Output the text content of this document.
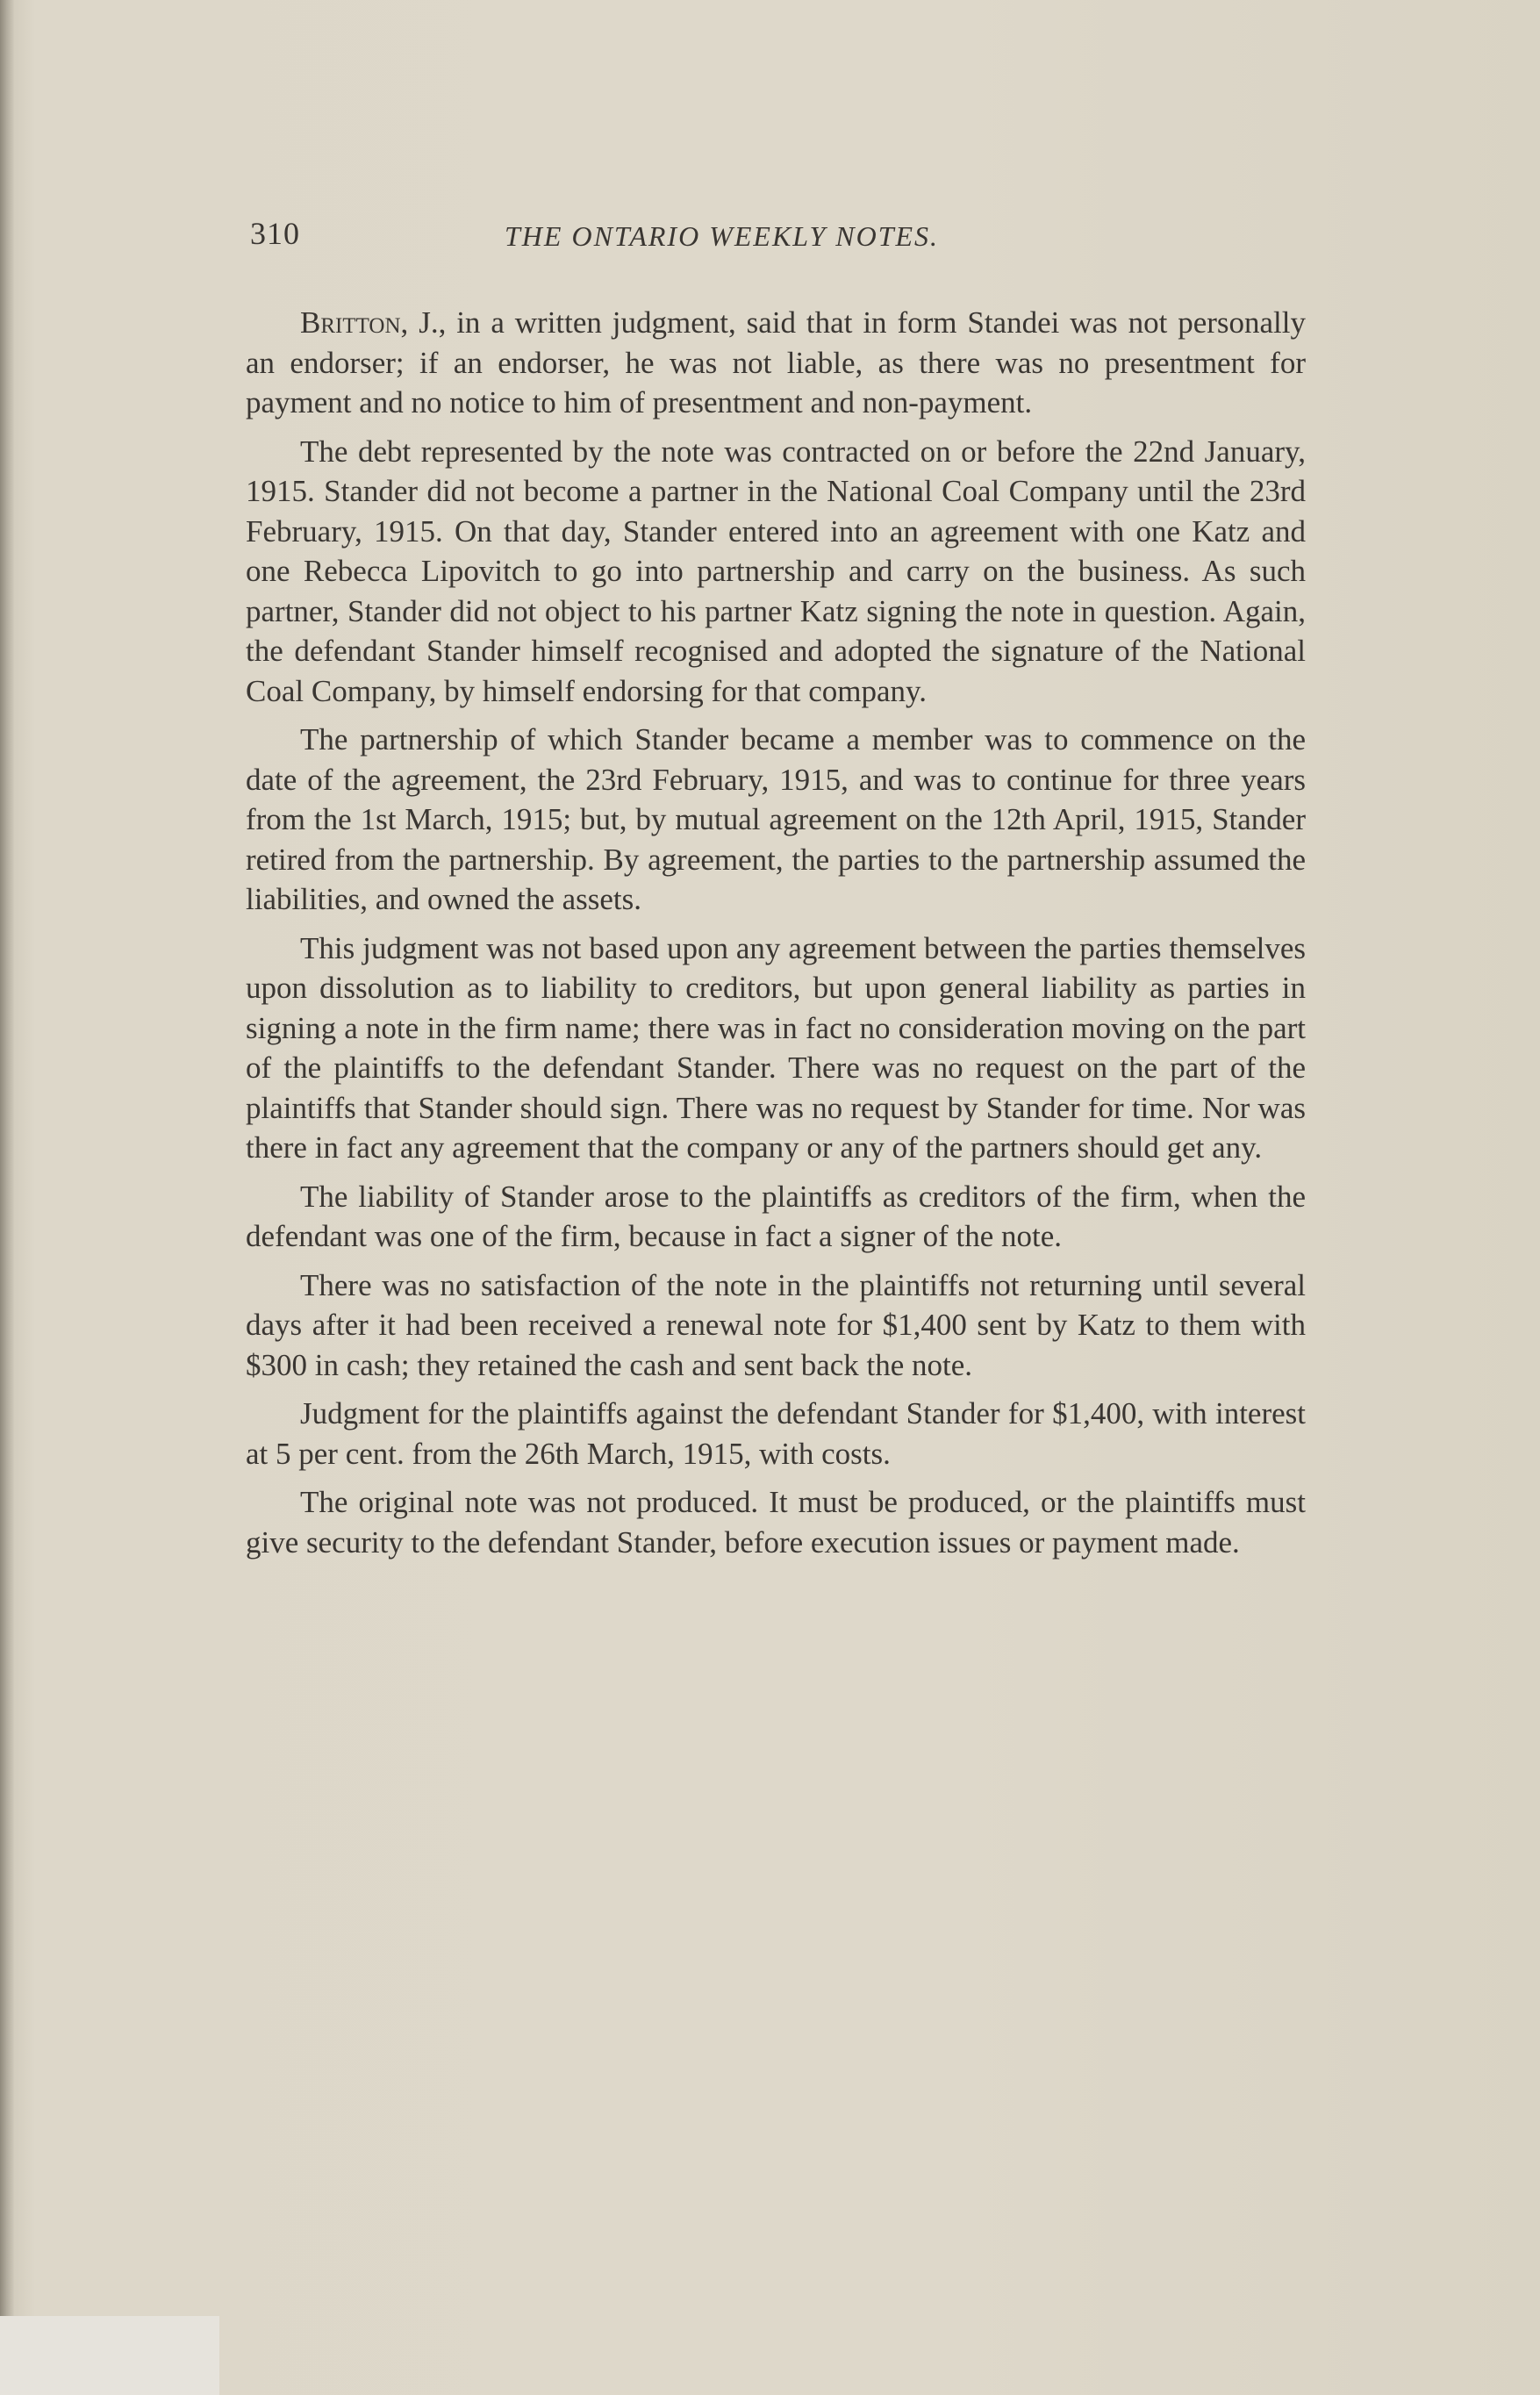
310	THE ONTARIO WEEKLY NOTES.

Britton, J., in a written judgment, said that in form Standei was not personally an endorser; if an endorser, he was not liable, as there was no presentment for payment and no notice to him of presentment and non-payment.

The debt represented by the note was contracted on or before the 22nd January, 1915. Stander did not become a partner in the National Coal Company until the 23rd February, 1915. On that day, Stander entered into an agreement with one Katz and one Rebecca Lipovitch to go into partnership and carry on the business. As such partner, Stander did not object to his partner Katz signing the note in question. Again, the defendant Stander himself recognised and adopted the signature of the National Coal Company, by himself endorsing for that company.

The partnership of which Stander became a member was to commence on the date of the agreement, the 23rd February, 1915, and was to continue for three years from the 1st March, 1915; but, by mutual agreement on the 12th April, 1915, Stander retired from the partnership. By agreement, the parties to the partnership assumed the liabilities, and owned the assets.

This judgment was not based upon any agreement between the parties themselves upon dissolution as to liability to creditors, but upon general liability as parties in signing a note in the firm name; there was in fact no consideration moving on the part of the plaintiffs to the defendant Stander. There was no request on the part of the plaintiffs that Stander should sign. There was no request by Stander for time. Nor was there in fact any agreement that the company or any of the partners should get any.

The liability of Stander arose to the plaintiffs as creditors of the firm, when the defendant was one of the firm, because in fact a signer of the note.

There was no satisfaction of the note in the plaintiffs not returning until several days after it had been received a renewal note for $1,400 sent by Katz to them with $300 in cash; they retained the cash and sent back the note.

Judgment for the plaintiffs against the defendant Stander for $1,400, with interest at 5 per cent. from the 26th March, 1915, with costs.

The original note was not produced. It must be produced, or the plaintiffs must give security to the defendant Stander, before execution issues or payment made.
